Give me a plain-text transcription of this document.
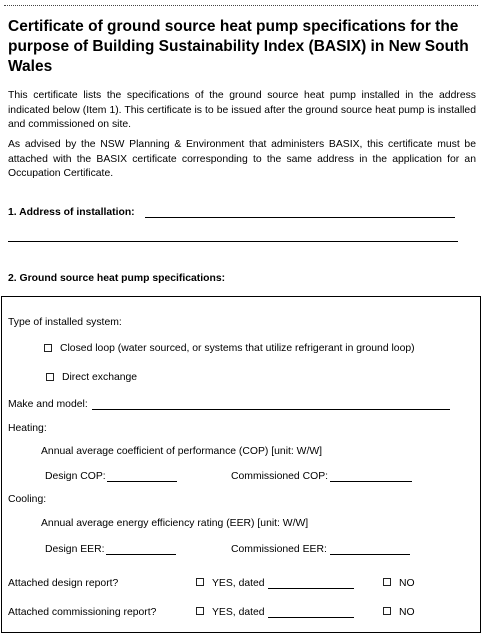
Certificate of ground source heat pump specifications for the purpose of Building Sustainability Index (BASIX) in New South Wales

This certificate lists the specifications of the ground source heat pump installed in the address indicated below (Item 1). This certificate is to be issued after the ground source heat pump is installed and commissioned on site.

As advised by the NSW Planning & Environment that administers BASIX, this certificate must be attached with the BASIX certificate corresponding to the same address in the application for an Occupation Certificate.

1. Address of installation:
2. Ground source heat pump specifications:
Type of installed system:
Closed loop (water sourced, or systems that utilize refrigerant in ground loop)
Direct exchange
Make and model:
Heating:
Annual average coefficient of performance (COP) [unit: W/W]
Design COP:	Commissioned COP:
Cooling:
Annual average energy efficiency rating (EER) [unit: W/W]
Design EER:	Commissioned EER:
Attached design report?	YES, dated	NO
Attached commissioning report?	YES, dated	NO
